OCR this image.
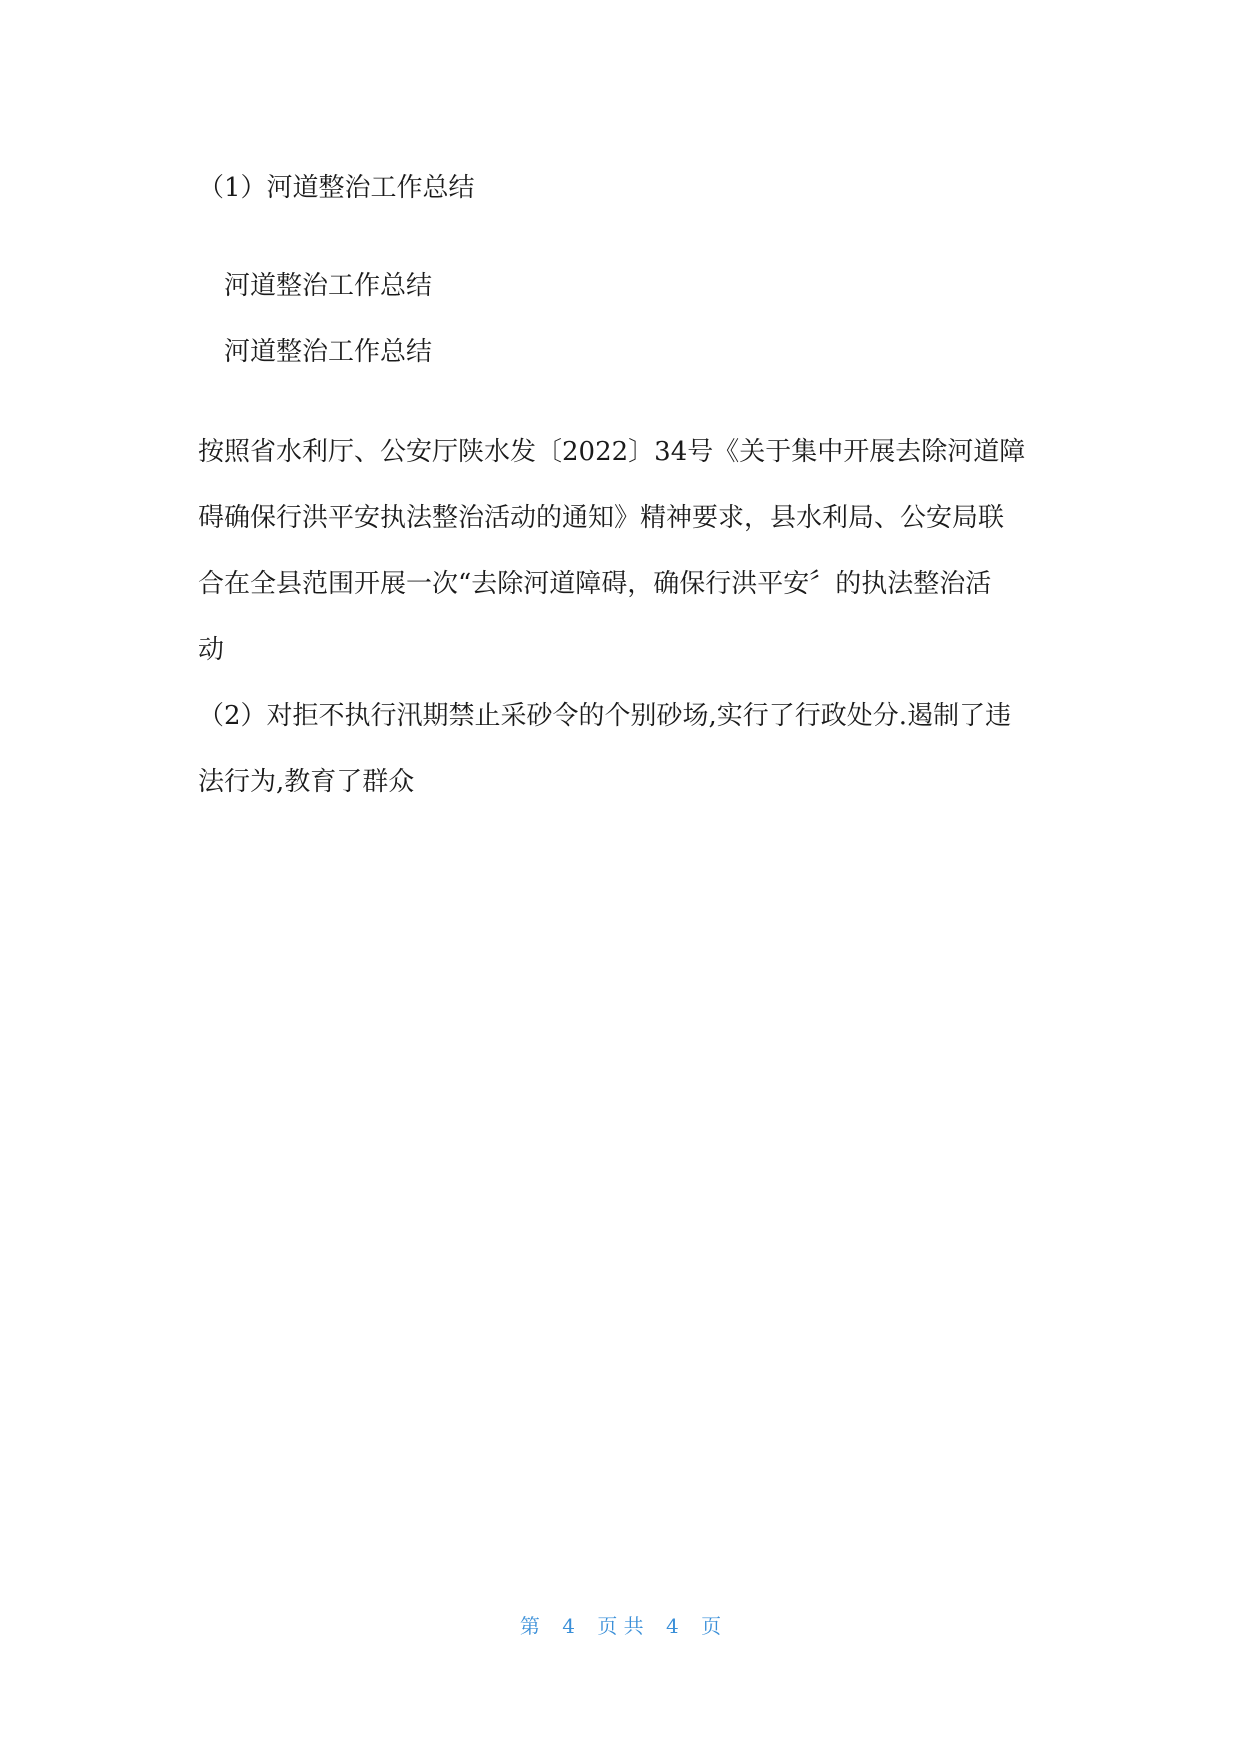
（1）河道整治工作总结
河道整治工作总结
河道整治工作总结
按照省水利厅、公安厅陕水发〔2022〕34号《关于集中开展去除河道障
碍确保行洪平安执法整治活动的通知》精神要求，县水利局、公安局联
合在全县范围开展一次“去除河道障碍，确保行洪平安〞的执法整治活
动
（2）对拒不执行汛期禁止采砂令的个别砂场,实行了行政处分.遏制了违
法行为,教育了群众
第 4 页 共 4 页
